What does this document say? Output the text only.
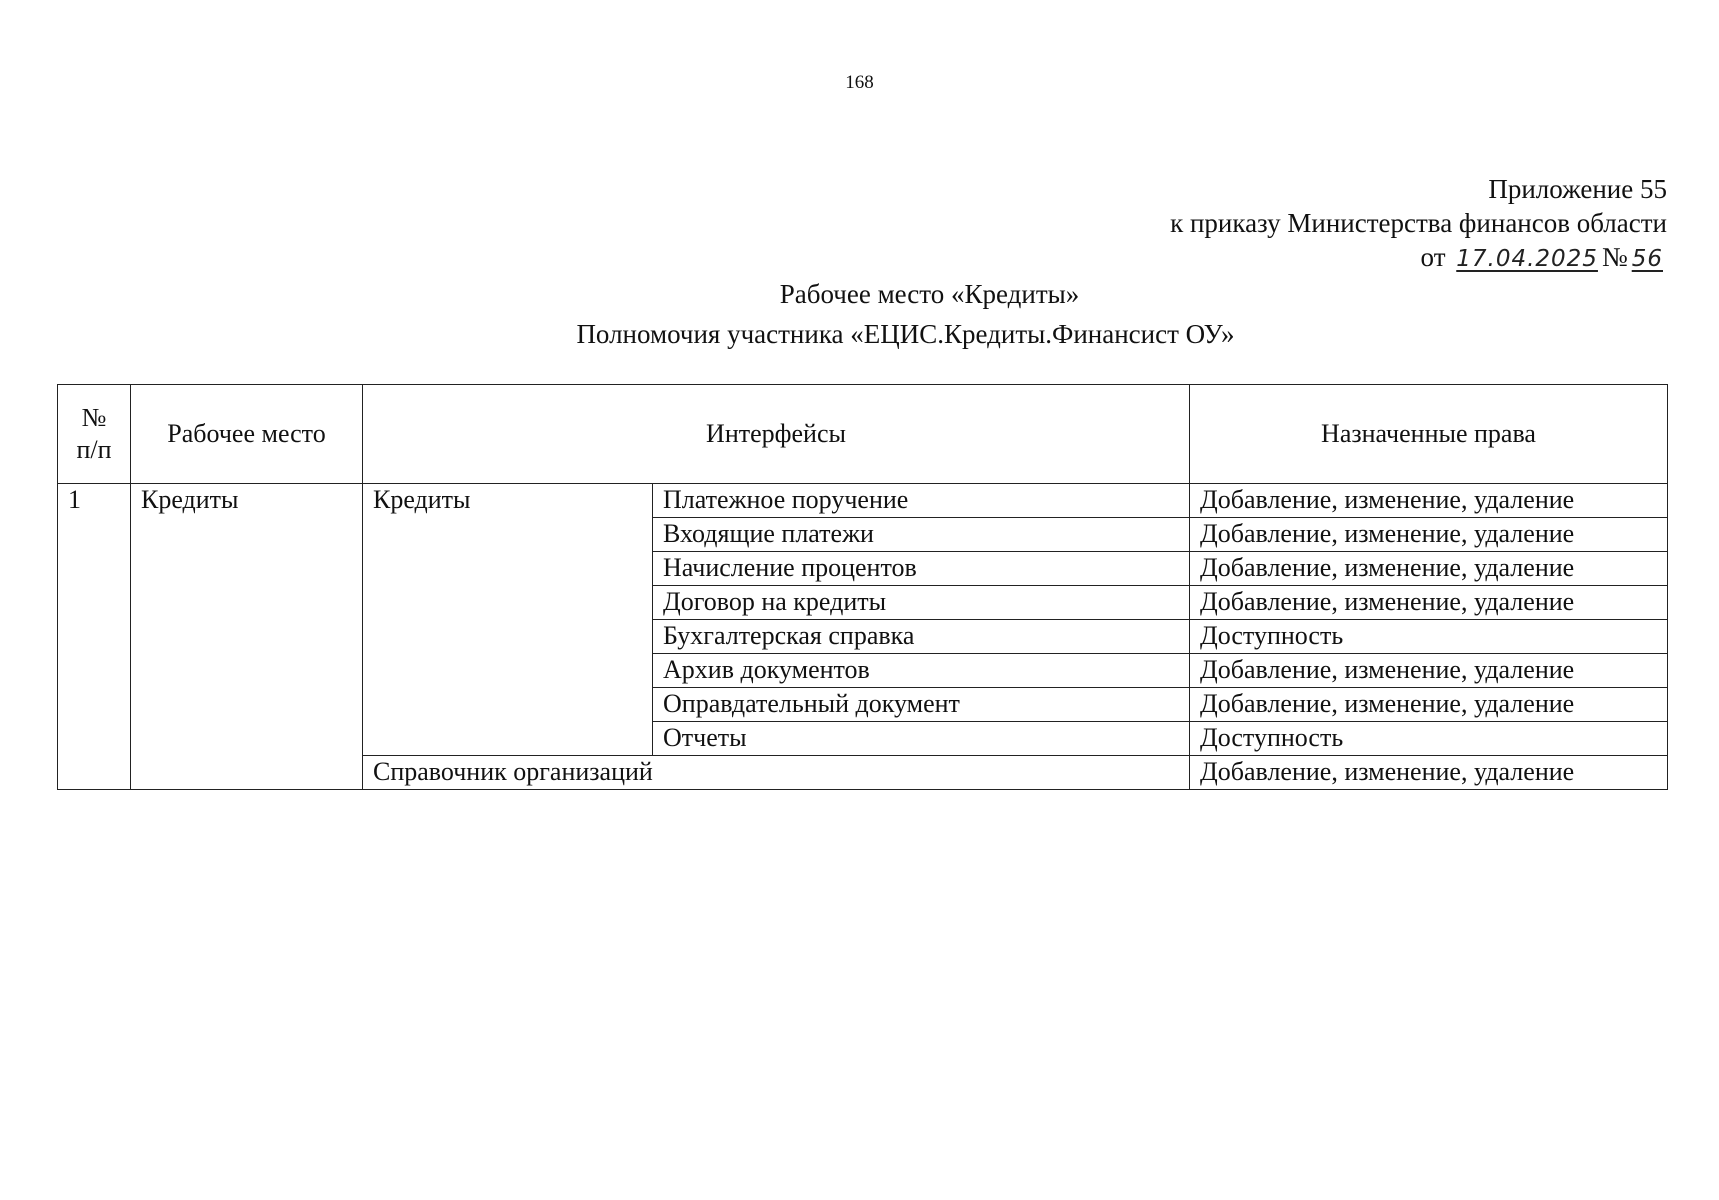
168
Приложение 55
к приказу Министерства финансов области
от 17.04.2025 № 56
Рабочее место «Кредиты»
Полномочия участника «ЕЦИС.Кредиты.Финансист ОУ»
№ п/п	Рабочее место	Интерфейсы		Назначенные права
1	Кредиты	Кредиты	Платежное поручение	Добавление, изменение, удаление
			Входящие платежи	Добавление, изменение, удаление
			Начисление процентов	Добавление, изменение, удаление
			Договор на кредиты	Добавление, изменение, удаление
			Бухгалтерская справка	Доступность
			Архив документов	Добавление, изменение, удаление
			Оправдательный документ	Добавление, изменение, удаление
			Отчеты	Доступность
		Справочник организаций		Добавление, изменение, удаление
